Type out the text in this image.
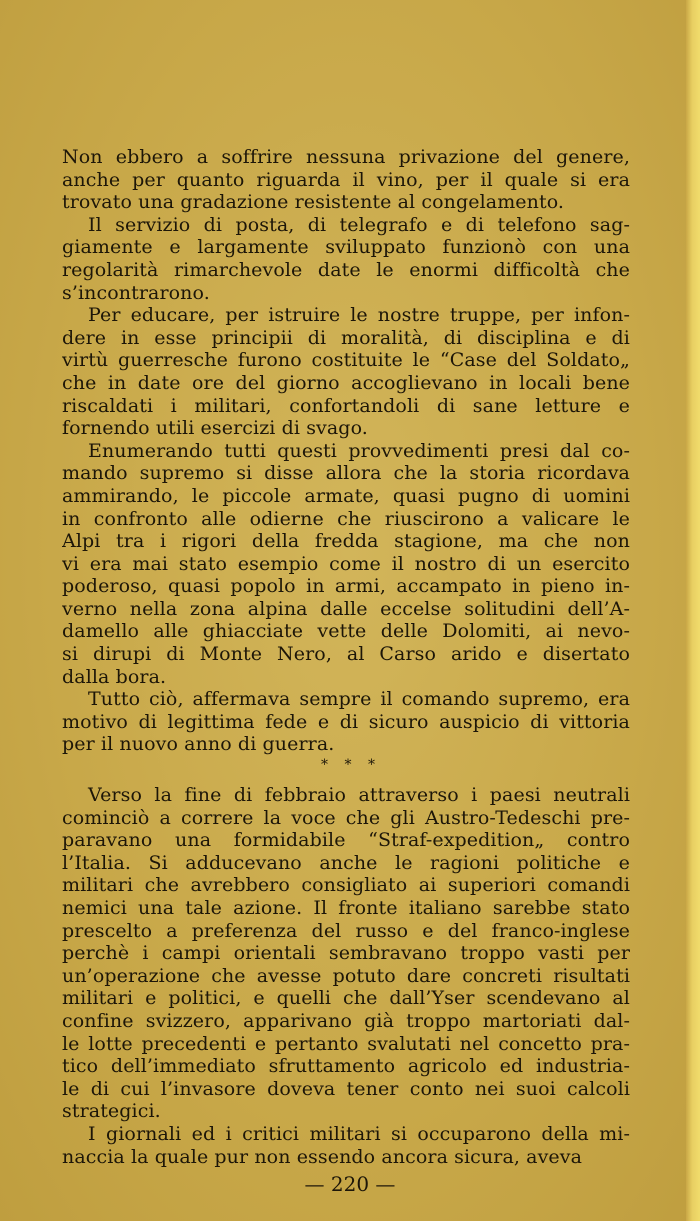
Non ebbero a soffrire nessuna privazione del genere,
anche per quanto riguarda il vino, per il quale si era
trovato una gradazione resistente al congelamento.
Il servizio di posta, di telegrafo e di telefono sag-
giamente e largamente sviluppato funzionò con una
regolarità rimarchevole date le enormi difficoltà che
s’incontrarono.
Per educare, per istruire le nostre truppe, per infon-
dere in esse principii di moralità, di disciplina e di
virtù guerresche furono costituite le “Case del Soldato„
che in date ore del giorno accoglievano in locali bene
riscaldati i militari, confortandoli di sane letture e
fornendo utili esercizi di svago.
Enumerando tutti questi provvedimenti presi dal co-
mando supremo si disse allora che la storia ricordava
ammirando, le piccole armate, quasi pugno di uomini
in confronto alle odierne che riuscirono a valicare le
Alpi tra i rigori della fredda stagione, ma che non
vi era mai stato esempio come il nostro di un esercito
poderoso, quasi popolo in armi, accampato in pieno in-
verno nella zona alpina dalle eccelse solitudini dell’A-
damello alle ghiacciate vette delle Dolomiti, ai nevo-
si dirupi di Monte Nero, al Carso arido e disertato
dalla bora.
Tutto ciò, affermava sempre il comando supremo, era
motivo di legittima fede e di sicuro auspicio di vittoria
per il nuovo anno di guerra.
* * *
Verso la fine di febbraio attraverso i paesi neutrali
cominciò a correre la voce che gli Austro-Tedeschi pre-
paravano una formidabile “Straf-expedition„ contro
l’Italia. Si adducevano anche le ragioni politiche e
militari che avrebbero consigliato ai superiori comandi
nemici una tale azione. Il fronte italiano sarebbe stato
prescelto a preferenza del russo e del franco-inglese
perchè i campi orientali sembravano troppo vasti per
un’operazione che avesse potuto dare concreti risultati
militari e politici, e quelli che dall’Yser scendevano al
confine svizzero, apparivano già troppo martoriati dal-
le lotte precedenti e pertanto svalutati nel concetto pra-
tico dell’immediato sfruttamento agricolo ed industria-
le di cui l’invasore doveva tener conto nei suoi calcoli
strategici.
I giornali ed i critici militari si occuparono della mi-
naccia la quale pur non essendo ancora sicura, aveva
— 220 —
